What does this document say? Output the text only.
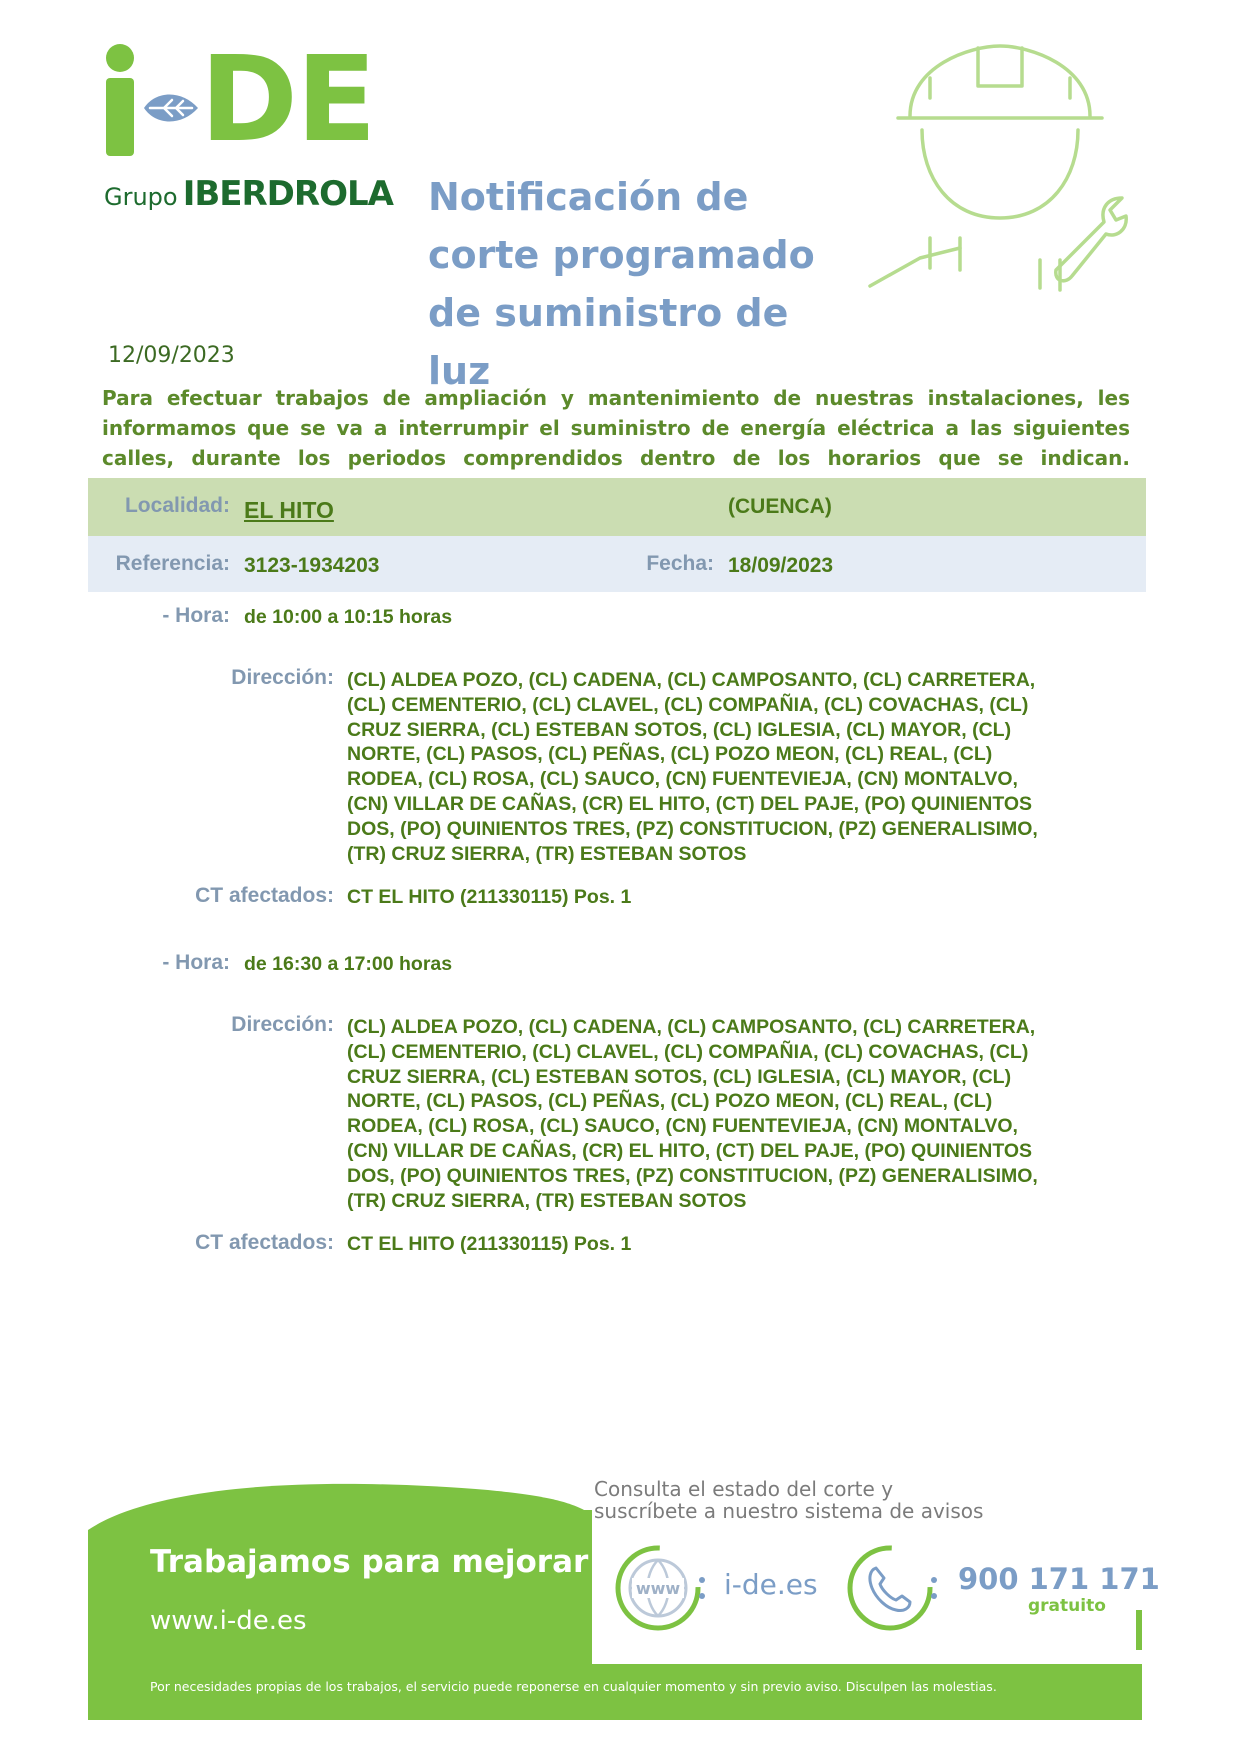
DE
Grupo IBERDROLA Notificación de
corte programado
de suministro de luz
12/09/2023
Para efectuar trabajos de ampliación y mantenimiento de nuestras instalaciones, les informamos que se va a interrumpir el suministro de energía eléctrica a las siguientes calles, durante los periodos comprendidos dentro de los horarios que se indican.
Localidad: EL HITO	(CUENCA)
Referencia: 3123-1934203	Fecha: 18/09/2023
- Hora: de 10:00 a 10:15 horas
Dirección: (CL) ALDEA POZO, (CL) CADENA, (CL) CAMPOSANTO, (CL) CARRETERA,
(CL) CEMENTERIO, (CL) CLAVEL, (CL) COMPAÑIA, (CL) COVACHAS, (CL)
CRUZ SIERRA, (CL) ESTEBAN SOTOS, (CL) IGLESIA, (CL) MAYOR, (CL)
NORTE, (CL) PASOS, (CL) PEÑAS, (CL) POZO MEON, (CL) REAL, (CL)
RODEA, (CL) ROSA, (CL) SAUCO, (CN) FUENTEVIEJA, (CN) MONTALVO,
(CN) VILLAR DE CAÑAS, (CR) EL HITO, (CT) DEL PAJE, (PO) QUINIENTOS
DOS, (PO) QUINIENTOS TRES, (PZ) CONSTITUCION, (PZ) GENERALISIMO,
(TR) CRUZ SIERRA, (TR) ESTEBAN SOTOS
CT afectados: CT EL HITO (211330115) Pos. 1
- Hora: de 16:30 a 17:00 horas
Dirección: (CL) ALDEA POZO, (CL) CADENA, (CL) CAMPOSANTO, (CL) CARRETERA,
(CL) CEMENTERIO, (CL) CLAVEL, (CL) COMPAÑIA, (CL) COVACHAS, (CL)
CRUZ SIERRA, (CL) ESTEBAN SOTOS, (CL) IGLESIA, (CL) MAYOR, (CL)
NORTE, (CL) PASOS, (CL) PEÑAS, (CL) POZO MEON, (CL) REAL, (CL)
RODEA, (CL) ROSA, (CL) SAUCO, (CN) FUENTEVIEJA, (CN) MONTALVO,
(CN) VILLAR DE CAÑAS, (CR) EL HITO, (CT) DEL PAJE, (PO) QUINIENTOS
DOS, (PO) QUINIENTOS TRES, (PZ) CONSTITUCION, (PZ) GENERALISIMO,
(TR) CRUZ SIERRA, (TR) ESTEBAN SOTOS
CT afectados: CT EL HITO (211330115) Pos. 1
Consulta el estado del corte y
suscríbete a nuestro sistema de avisos
Trabajamos para mejorar
www.i-de.es
www i-de.es	900 171 171
gratuito
Por necesidades propias de los trabajos, el servicio puede reponerse en cualquier momento y sin previo aviso. Disculpen las molestias.
